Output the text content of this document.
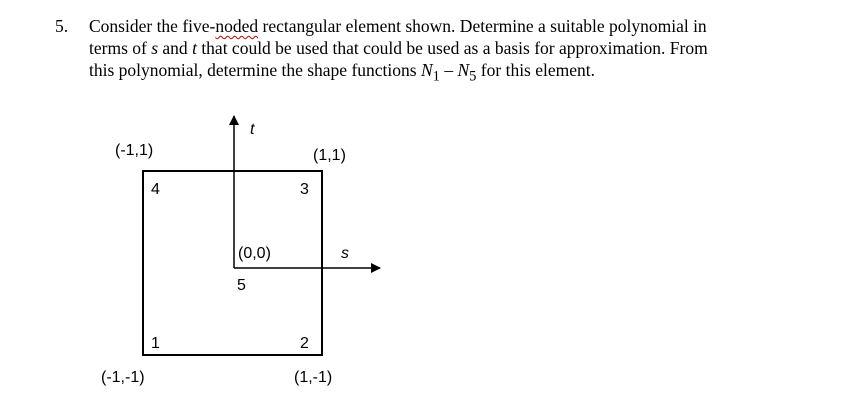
5. Consider the five-noded rectangular element shown. Determine a suitable polynomial in
terms of s and t that could be used that could be used as a basis for approximation. From
this polynomial, determine the shape functions $N_1 - N_5$ for this element.
t
s
(-1,1)	(1,1)
(-1,-1)	(1,-1)
(0,0)
4	3
5
1	2
